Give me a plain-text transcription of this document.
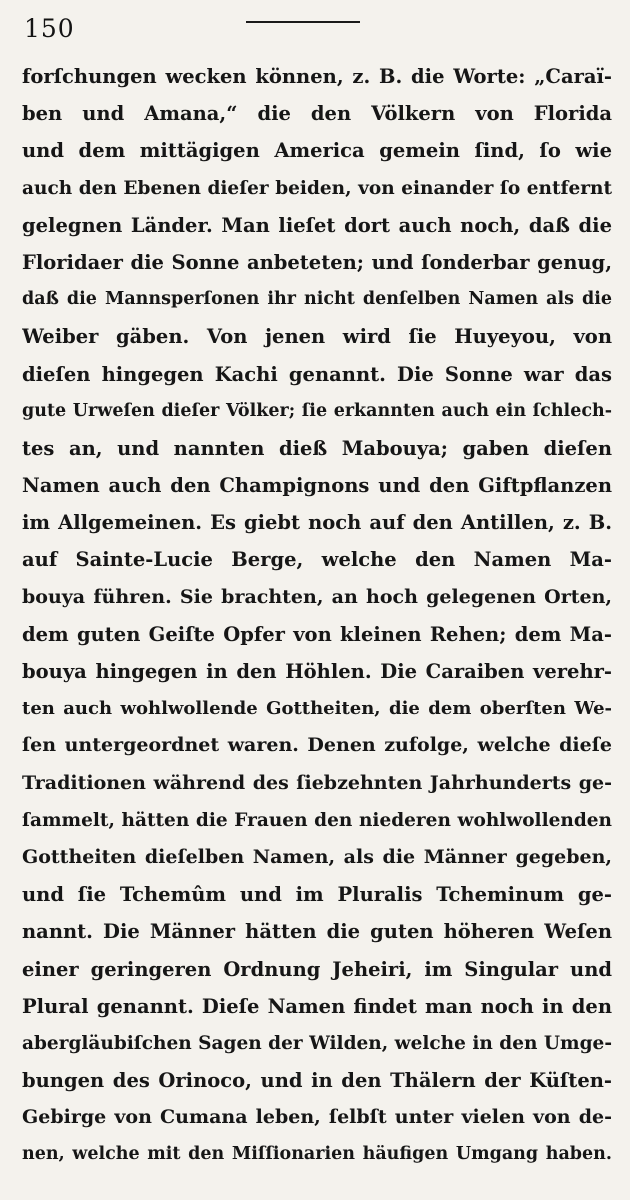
150
forſchungen wecken können, z. B. die Worte: „Caraï-
ben und Amana,“ die den Völkern von Florida
und dem mittägigen America gemein ſind, ſo wie
auch den Ebenen dieſer beiden, von einander ſo entfernt
gelegnen Länder. Man lieſet dort auch noch, daß die
Floridaer die Sonne anbeteten; und ſonderbar genug,
daß die Mannsperſonen ihr nicht denſelben Namen als die
Weiber gäben. Von jenen wird ſie Huyeyou, von
dieſen hingegen Kachi genannt. Die Sonne war das
gute Urweſen dieſer Völker; ſie erkannten auch ein ſchlech-
tes an, und nannten dieß Mabouya; gaben dieſen
Namen auch den Champignons und den Giftpflanzen
im Allgemeinen. Es giebt noch auf den Antillen, z. B.
auf Sainte-Lucie Berge, welche den Namen Ma-
bouya führen. Sie brachten, an hoch gelegenen Orten,
dem guten Geiſte Opfer von kleinen Rehen; dem Ma-
bouya hingegen in den Höhlen. Die Caraiben verehr-
ten auch wohlwollende Gottheiten, die dem oberſten We-
ſen untergeordnet waren. Denen zufolge, welche dieſe
Traditionen während des ſiebzehnten Jahrhunderts ge-
ſammelt, hätten die Frauen den niederen wohlwollenden
Gottheiten dieſelben Namen, als die Männer gegeben,
und ſie Tchemûm und im Pluralis Tcheminum ge-
nannt. Die Männer hätten die guten höheren Weſen
einer geringeren Ordnung Jeheiri, im Singular und
Plural genannt. Dieſe Namen findet man noch in den
abergläubiſchen Sagen der Wilden, welche in den Umge-
bungen des Orinoco, und in den Thälern der Küſten-
Gebirge von Cumana leben, ſelbſt unter vielen von de-
nen, welche mit den Miſſionarien häufigen Umgang haben.
